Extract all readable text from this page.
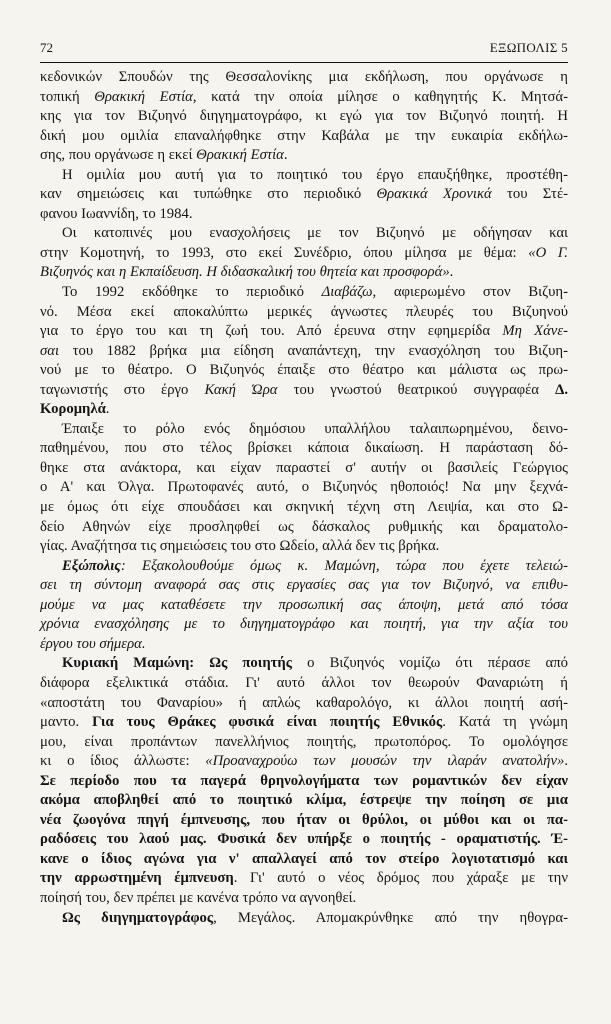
72	ΕΞΩΠΟΛΙΣ 5
κεδονικών Σπουδών της Θεσσαλονίκης μια εκδήλωση, που οργάνωσε η
τοπική Θρακική Εστία, κατά την οποία μίλησε ο καθηγητής Κ. Μητσά-
κης για τον Βιζυηνό διηγηματογράφο, κι εγώ για τον Βιζυηνό ποιητή. Η
δική μου ομιλία επαναλήφθηκε στην Καβάλα με την ευκαιρία εκδήλω-
σης, που οργάνωσε η εκεί Θρακική Εστία.
Η ομιλία μου αυτή για το ποιητικό του έργο επαυξήθηκε, προστέθη-
καν σημειώσεις και τυπώθηκε στο περιοδικό Θρακικά Χρονικά του Στέ-
φανου Ιωαννίδη, το 1984.
Οι κατοπινές μου ενασχολήσεις με τον Βιζυηνό με οδήγησαν και
στην Κομοτηνή, το 1993, στο εκεί Συνέδριο, όπου μίλησα με θέμα: «Ο Γ.
Βιζυηνός και η Εκπαίδευση. Η διδασκαλική του θητεία και προσφορά».
Το 1992 εκδόθηκε το περιοδικό Διαβάζω, αφιερωμένο στον Βιζυη-
νό. Μέσα εκεί αποκαλύπτω μερικές άγνωστες πλευρές του Βιζυηνού
για το έργο του και τη ζωή του. Από έρευνα στην εφημερίδα Μη Χάνε-
σαι του 1882 βρήκα μια είδηση αναπάντεχη, την ενασχόληση του Βιζυη-
νού με το θέατρο. Ο Βιζυηνός έπαιξε στο θέατρο και μάλιστα ως πρω-
ταγωνιστής στο έργο Κακή Ώρα του γνωστού θεατρικού συγγραφέα Δ.
Κορομηλά.
Έπαιξε το ρόλο ενός δημόσιου υπαλλήλου ταλαιπωρημένου, δεινο-
παθημένου, που στο τέλος βρίσκει κάποια δικαίωση. Η παράσταση δό-
θηκε στα ανάκτορα, και είχαν παραστεί σ' αυτήν οι βασιλείς Γεώργιος
ο Α' και Όλγα. Πρωτοφανές αυτό, ο Βιζυηνός ηθοποιός! Να μην ξεχνά-
με όμως ότι είχε σπουδάσει και σκηνική τέχνη στη Λειψία, και στο Ω-
δείο Αθηνών είχε προσληφθεί ως δάσκαλος ρυθμικής και δραματολο-
γίας. Αναζήτησα τις σημειώσεις του στο Ωδείο, αλλά δεν τις βρήκα.
Εξώπολις: Εξακολουθούμε όμως κ. Μαμώνη, τώρα που έχετε τελειώ-
σει τη σύντομη αναφορά σας στις εργασίες σας για τον Βιζυηνό, να επιθυ-
μούμε να μας καταθέσετε την προσωπική σας άποψη, μετά από τόσα
χρόνια ενασχόλησης με το διηγηματογράφο και ποιητή, για την αξία του
έργου του σήμερα.
Κυριακή Μαμώνη: Ως ποιητής ο Βιζυηνός νομίζω ότι πέρασε από
διάφορα εξελικτικά στάδια. Γι' αυτό άλλοι τον θεωρούν Φαναριώτη ή
«αποστάτη του Φαναρίου» ή απλώς καθαρολόγο, κι άλλοι ποιητή ασή-
μαντο. Για τους Θράκες φυσικά είναι ποιητής Εθνικός. Κατά τη γνώμη
μου, είναι προπάντων πανελλήνιος ποιητής, πρωτοπόρος. Το ομολόγησε
κι ο ίδιος άλλωστε: «Προαναχρούω των μουσών την ιλαράν ανατολήν».
Σε περίοδο που τα παγερά θρηνολογήματα των ρομαντικών δεν είχαν
ακόμα αποβληθεί από το ποιητικό κλίμα, έστρεψε την ποίηση σε μια
νέα ζωογόνα πηγή έμπνευσης, που ήταν οι θρύλοι, οι μύθοι και οι πα-
ραδόσεις του λαού μας. Φυσικά δεν υπήρξε ο ποιητής - οραματιστής. Έ-
κανε ο ίδιος αγώνα για ν' απαλλαγεί από τον στείρο λογιοτατισμό και
την αρρωστημένη έμπνευση. Γι' αυτό ο νέος δρόμος που χάραξε με την
ποίησή του, δεν πρέπει με κανένα τρόπο να αγνοηθεί.
Ως διηγηματογράφος, Μεγάλος. Απομακρύνθηκε από την ηθογρα-
